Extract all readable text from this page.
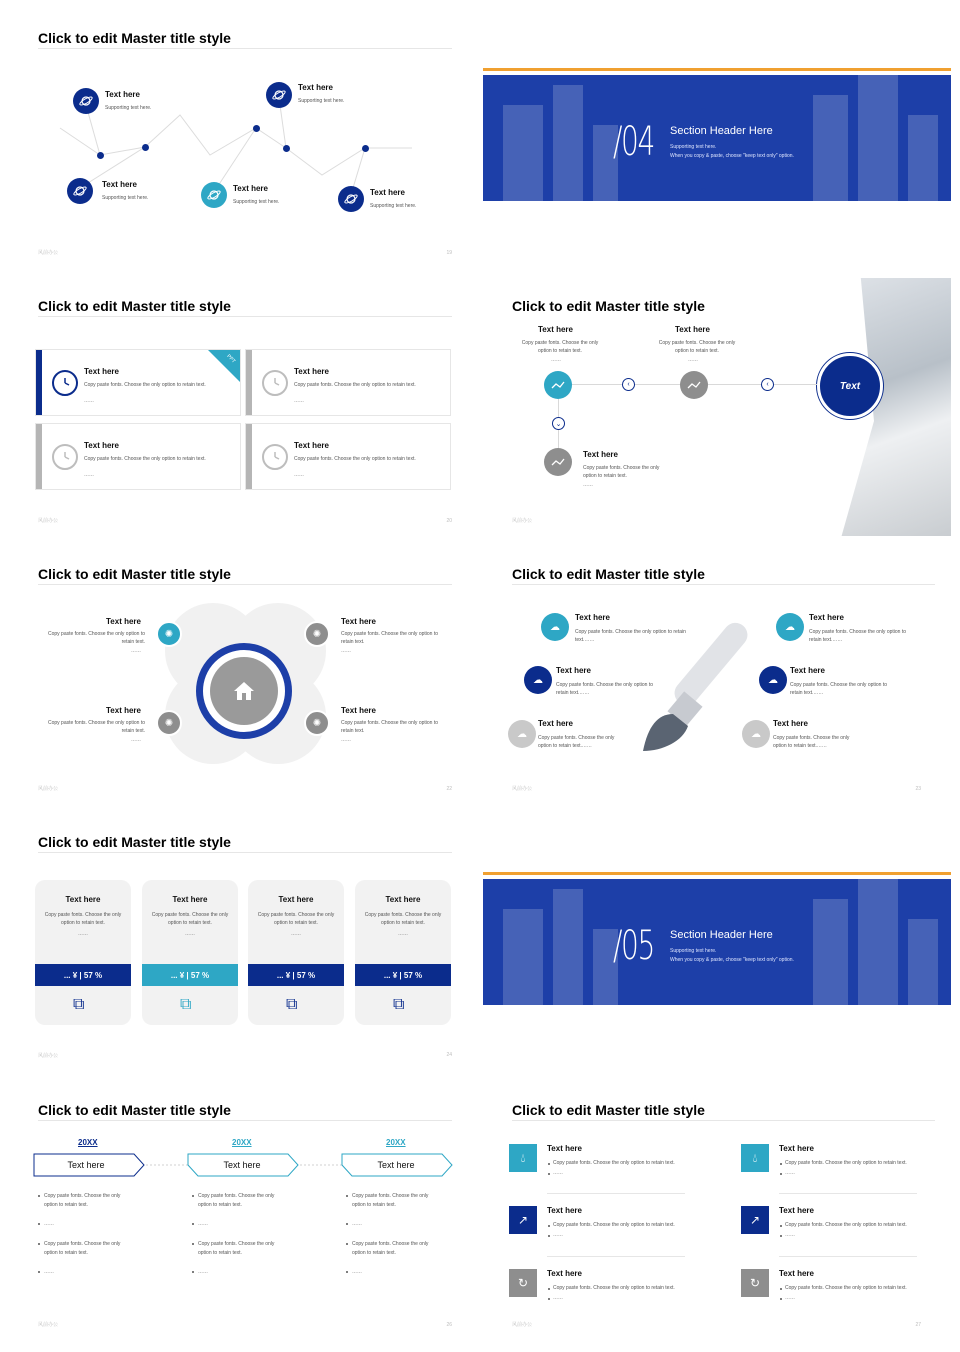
Click to edit Master title style
Text here
Supporting text here.
Text here
Supporting text here.
Text here
Supporting text here.
Text here
Supporting text here.
Text here
Supporting text here.
风前办公	19
/04 Section Header Here
Supporting text here.
When you copy & paste, choose "keep text only" option.
Click to edit Master title style
PPT
Text here
Copy paste fonts. Choose the only option to retain text.
……
Text here
Copy paste fonts. Choose the only option to retain text.
……
Text here
Copy paste fonts. Choose the only option to retain text.
……
Text here
Copy paste fonts. Choose the only option to retain text.
……
风前办公	20
Click to edit Master title style
Text
Text here
Copy paste fonts. Choose the only option to retain text.
……
Text here
Copy paste fonts. Choose the only option to retain text.
……
‹	‹
⌄
Text here
Copy paste fonts. Choose the only option to retain text.
……
风前办公
Click to edit Master title style
✺	✺
✺	✺
Text here
Copy paste fonts. Choose the only option to retain text.
……
Text here
Copy paste fonts. Choose the only option to retain text.
……
Text here
Copy paste fonts. Choose the only option to retain text.
……
Text here
Copy paste fonts. Choose the only option to retain text.
……
风前办公	22
Click to edit Master title style
☁
Text here
Copy paste fonts. Choose the only option to retain text.……
☁
Text here
Copy paste fonts. Choose the only option to retain text.……
☁
Text here
Copy paste fonts. Choose the only option to retain text.……
☁
Text here
Copy paste fonts. Choose the only option to retain text.……
☁
Text here
Copy paste fonts. Choose the only option to retain text.……
☁
Text here
Copy paste fonts. Choose the only option to retain text.……
风前办公	23
Click to edit Master title style
Text here
Copy paste fonts. Choose the only option to retain text.
……
... ¥ | 57 %
⧉
Text here
Copy paste fonts. Choose the only option to retain text.
……
... ¥ | 57 %
⧉
Text here
Copy paste fonts. Choose the only option to retain text.
……
... ¥ | 57 %
⧉
Text here
Copy paste fonts. Choose the only option to retain text.
……
... ¥ | 57 %
⧉
风前办公	24
/05 Section Header Here
Supporting text here.
When you copy & paste, choose "keep text only" option.
Click to edit Master title style
20XX	20XX	20XX
Text here	Text here	Text here
Copy paste fonts. Choose the only option to retain text.
……
Copy paste fonts. Choose the only option to retain text.
……
Copy paste fonts. Choose the only option to retain text.
……
Copy paste fonts. Choose the only option to retain text.
……
Copy paste fonts. Choose the only option to retain text.
……
Copy paste fonts. Choose the only option to retain text.
……
风前办公	26
Click to edit Master title style
💧︎
Text here
Copy paste fonts. Choose the only option to retain text.
……
↗
Text here
Copy paste fonts. Choose the only option to retain text.
……
↻
Text here
Copy paste fonts. Choose the only option to retain text.
……
💧︎
Text here
Copy paste fonts. Choose the only option to retain text.
……
↗
Text here
Copy paste fonts. Choose the only option to retain text.
……
↻
Text here
Copy paste fonts. Choose the only option to retain text.
……
风前办公	27
